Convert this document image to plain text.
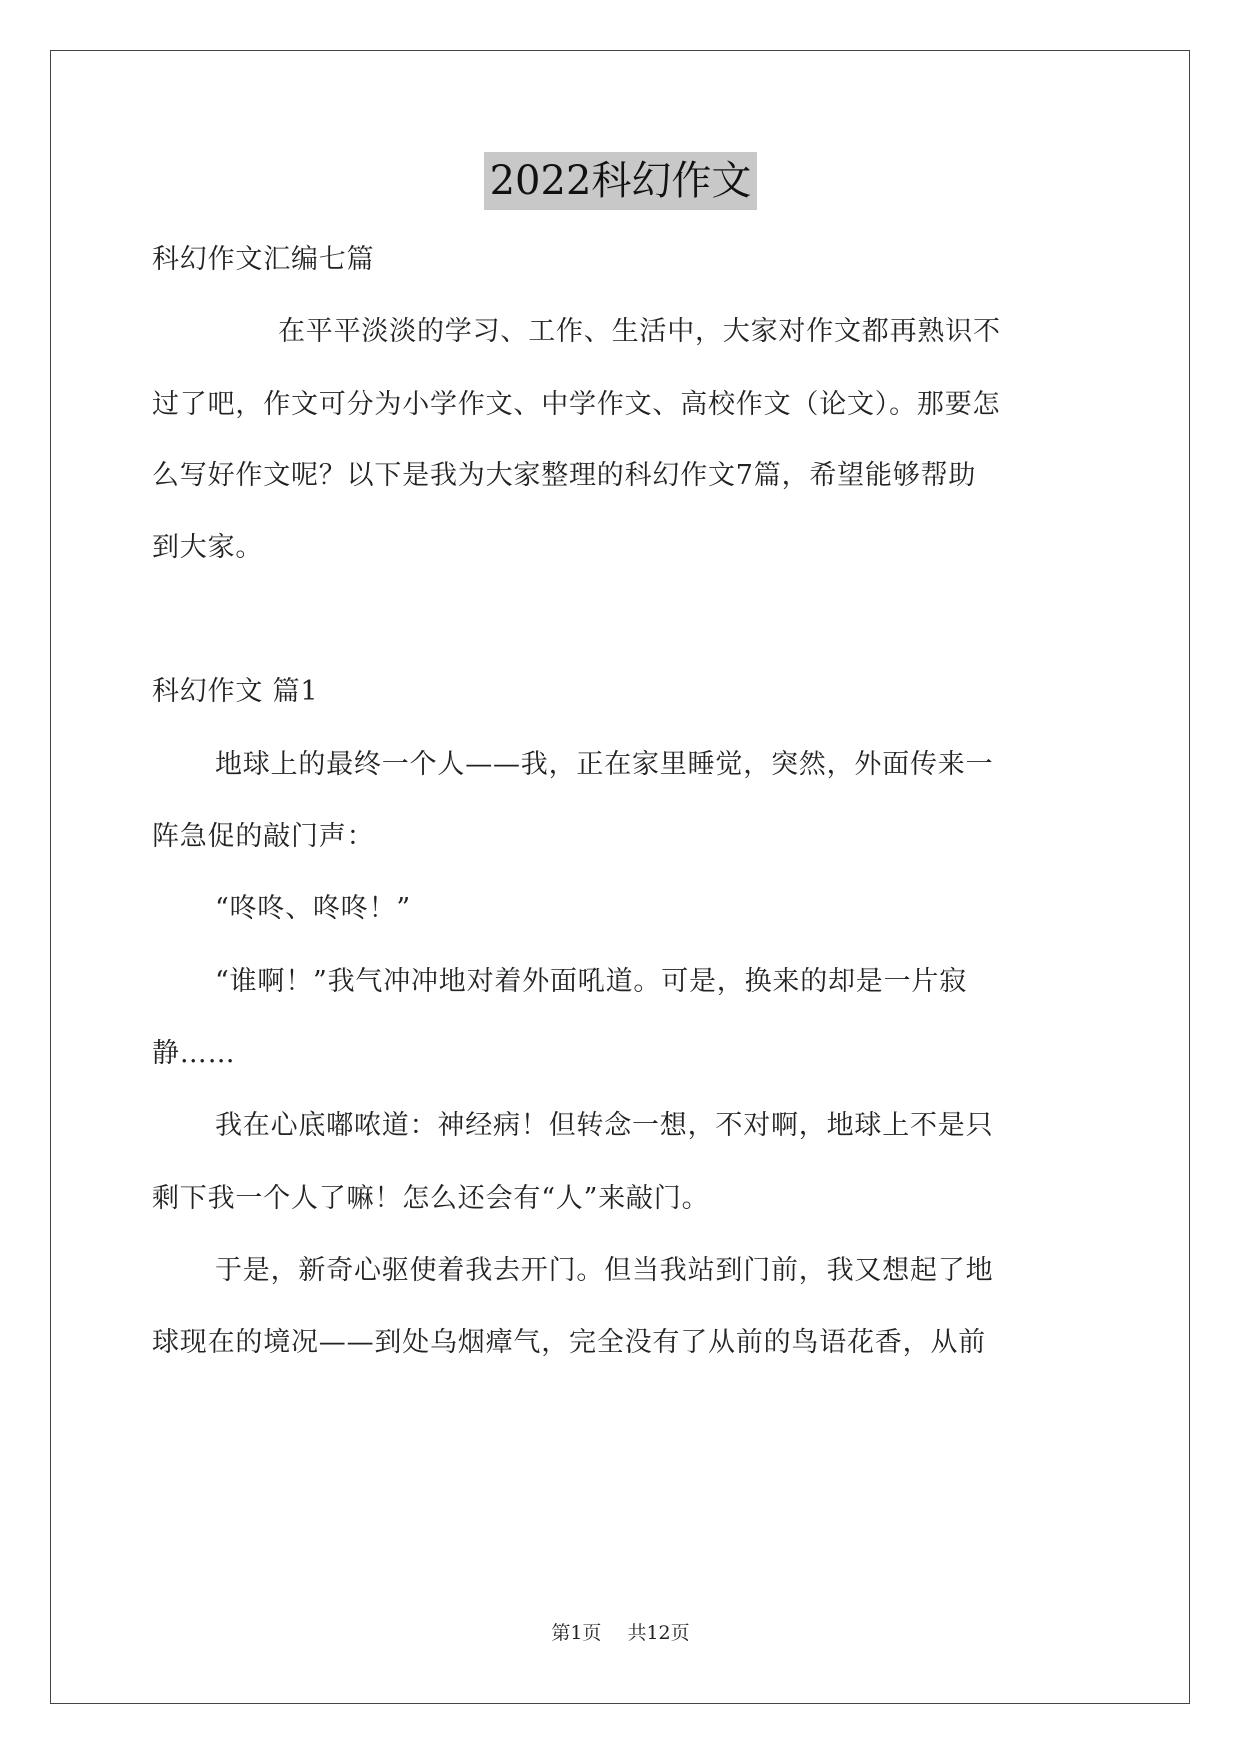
2022科幻作文
科幻作文汇编七篇
在平平淡淡的学习、工作、生活中，大家对作文都再熟识不
过了吧，作文可分为小学作文、中学作文、高校作文（论文）。那要怎
么写好作文呢？以下是我为大家整理的科幻作文7篇，希望能够帮助
到大家。
科幻作文 篇1
地球上的最终一个人——我，正在家里睡觉，突然，外面传来一
阵急促的敲门声：
“咚咚、咚咚！”
“谁啊！”我气冲冲地对着外面吼道。可是，换来的却是一片寂
静……
我在心底嘟哝道：神经病！但转念一想，不对啊，地球上不是只
剩下我一个人了嘛！怎么还会有“人”来敲门。
于是，新奇心驱使着我去开门。但当我站到门前，我又想起了地
球现在的境况——到处乌烟瘴气，完全没有了从前的鸟语花香，从前
第1页 共12页
